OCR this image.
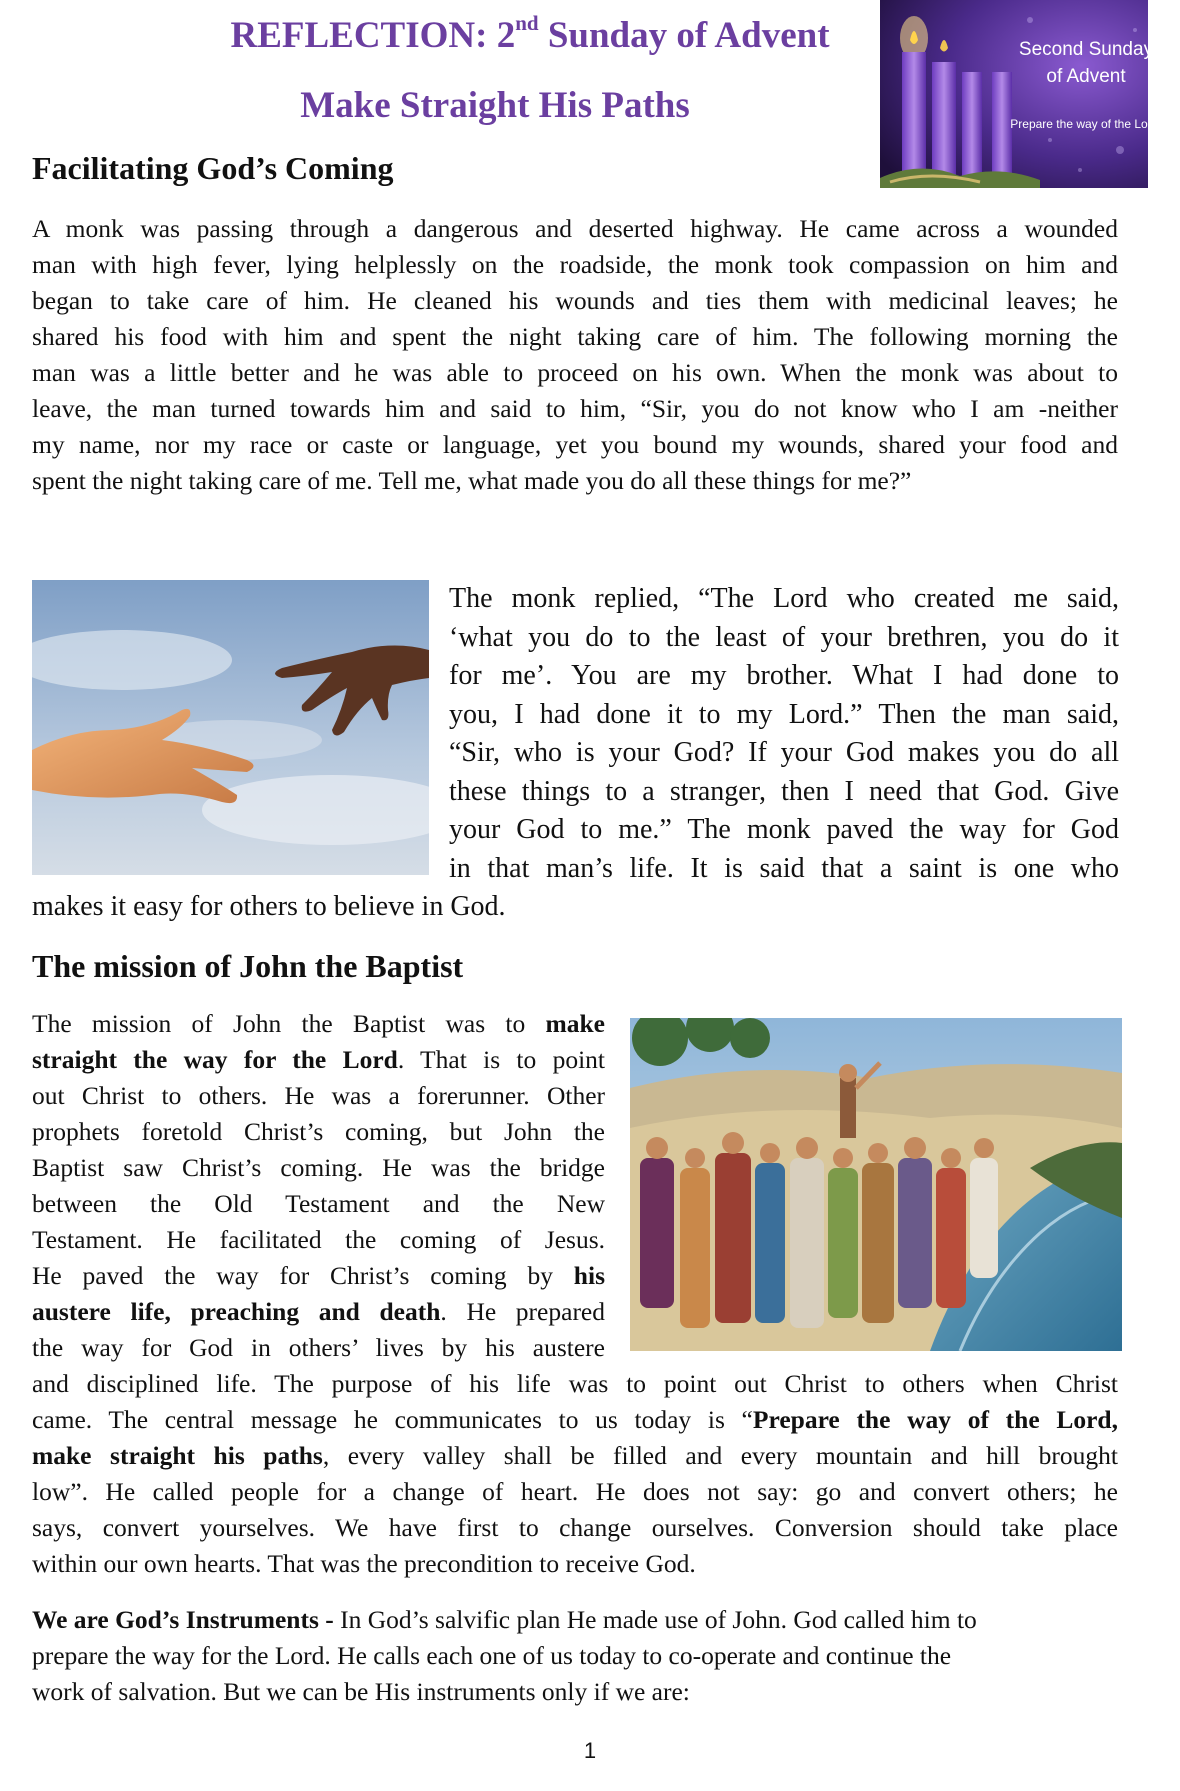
REFLECTION: 2nd Sunday of Advent
Make Straight His Paths
Second Sunday
of Advent
Prepare the way of the Lord!
Facilitating God’s Coming

A monk was passing through a dangerous and deserted highway. He came across a wounded

man with high fever, lying helplessly on the roadside, the monk took compassion on him and

began to take care of him. He cleaned his wounds and ties them with medicinal leaves; he

shared his food with him and spent the night taking care of him. The following morning the

man was a little better and he was able to proceed on his own. When the monk was about to

leave, the man turned towards him and said to him, “Sir, you do not know who I am -neither

my name, nor my race or caste or language, yet you bound my wounds, shared your food and

spent the night taking care of me. Tell me, what made you do all these things for me?”

The monk replied, “The Lord who created me said,

‘what you do to the least of your brethren, you do it

for me’. You are my brother. What I had done to

you, I had done it to my Lord.” Then the man said,

“Sir, who is your God? If your God makes you do all

these things to a stranger, then I need that God. Give

your God to me.” The monk paved the way for God

in that man’s life. It is said that a saint is one who

makes it easy for others to believe in God.
The mission of John the Baptist

The mission of John the Baptist was to make

straight the way for the Lord. That is to point

out Christ to others. He was a forerunner. Other

prophets foretold Christ’s coming, but John the

Baptist saw Christ’s coming. He was the bridge

between the Old Testament and the New

Testament. He facilitated the coming of Jesus.

He paved the way for Christ’s coming by his

austere life, preaching and death. He prepared

the way for God in others’ lives by his austere

and disciplined life. The purpose of his life was to point out Christ to others when Christ

came. The central message he communicates to us today is “Prepare the way of the Lord,

make straight his paths, every valley shall be filled and every mountain and hill brought

low”. He called people for a change of heart. He does not say: go and convert others; he

says, convert yourselves. We have first to change ourselves. Conversion should take place

within our own hearts. That was the precondition to receive God.

We are God’s Instruments - In God’s salvific plan He made use of John. God called him to

prepare the way for the Lord. He calls each one of us today to co-operate and continue the

work of salvation. But we can be His instruments only if we are:

1
